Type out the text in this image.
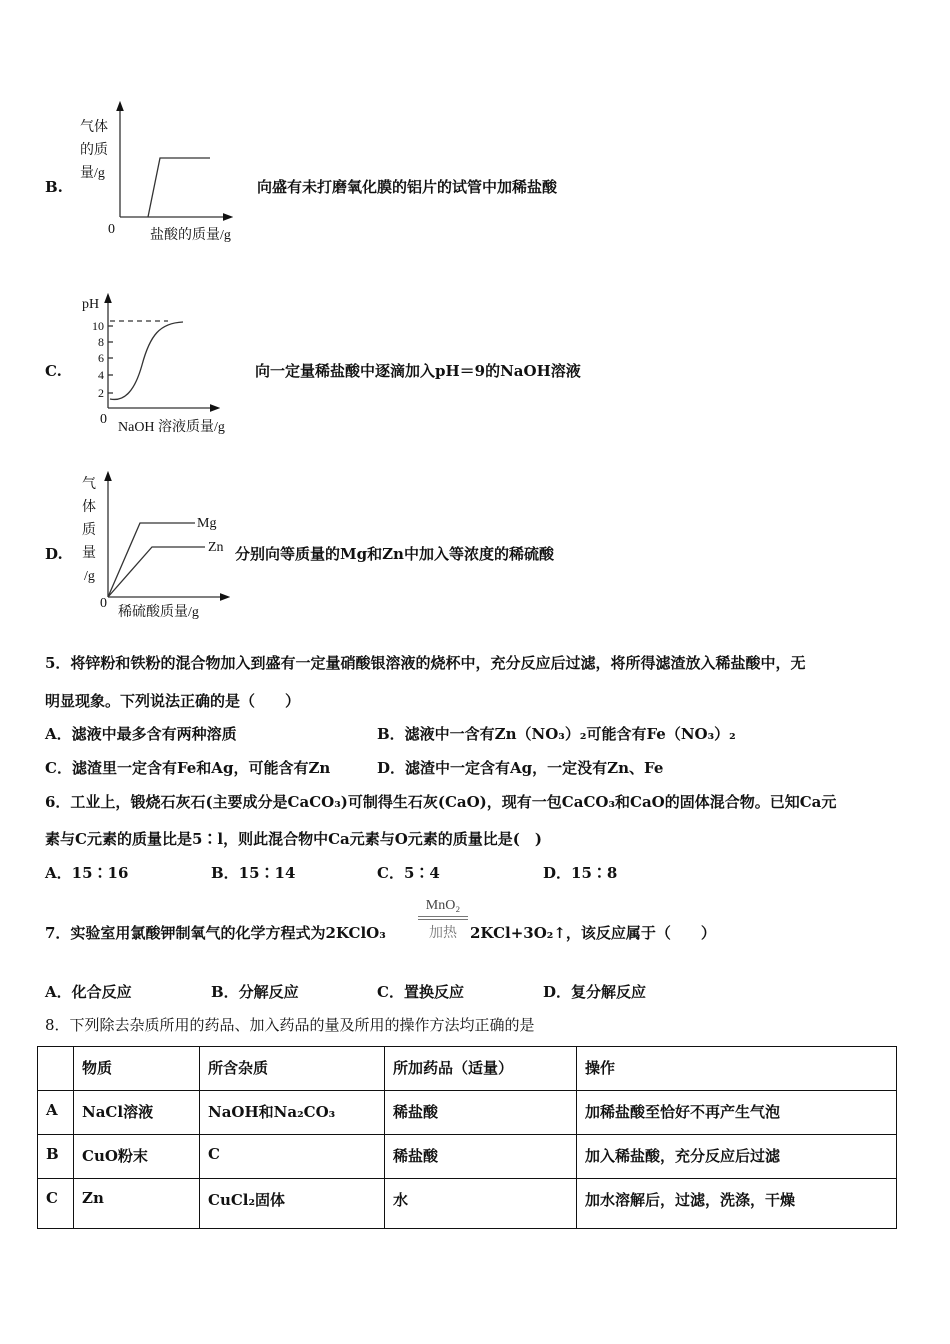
B.
气体
的质
量/g
0	盐酸的质量/g
向盛有未打磨氧化膜的铝片的试管中加稀盐酸
C.
pH
10
8
6
4
2
0
NaOH 溶液质量/g
向一定量稀盐酸中逐滴加入pH＝9的NaOH溶液
D.
气
体
质
量
/g
Mg
Zn
0
稀硫酸质量/g
分别向等质量的Mg和Zn中加入等浓度的稀硫酸
5．将锌粉和铁粉的混合物加入到盛有一定量硝酸银溶液的烧杯中，充分反应后过滤，将所得滤渣放入稀盐酸中，无
明显现象。下列说法正确的是（　　）
A．滤液中最多含有两种溶质	B．滤液中一含有Zn（NO₃）₂可能含有Fe（NO₃）₂
C．滤渣里一定含有Fe和Ag，可能含有Zn	D．滤渣中一定含有Ag，一定没有Zn、Fe
6．工业上，锻烧石灰石(主要成分是CaCO₃)可制得生石灰(CaO)，现有一包CaCO₃和CaO的固体混合物。已知Ca元
素与C元素的质量比是5∶l，则此混合物中Ca元素与O元素的质量比是(　)
A．15∶16	B．15∶14	C．5∶4	D．15∶8
7．实验室用氯酸钾制氧气的化学方程式为2KClO₃
MnO₂
加热 2KCl+3O₂↑，该反应属于（　　）
A．化合反应	B．分解反应	C．置换反应	D．复分解反应
8．下列除去杂质所用的药品、加入药品的量及所用的操作方法均正确的是
	物质	所含杂质	所加药品（适量）	操作
A	NaCl溶液	NaOH和Na₂CO₃	稀盐酸	加稀盐酸至恰好不再产生气泡
B	CuO粉末	C	稀盐酸	加入稀盐酸，充分反应后过滤
C	Zn	CuCl₂固体	水	加水溶解后，过滤，洗涤，干燥
